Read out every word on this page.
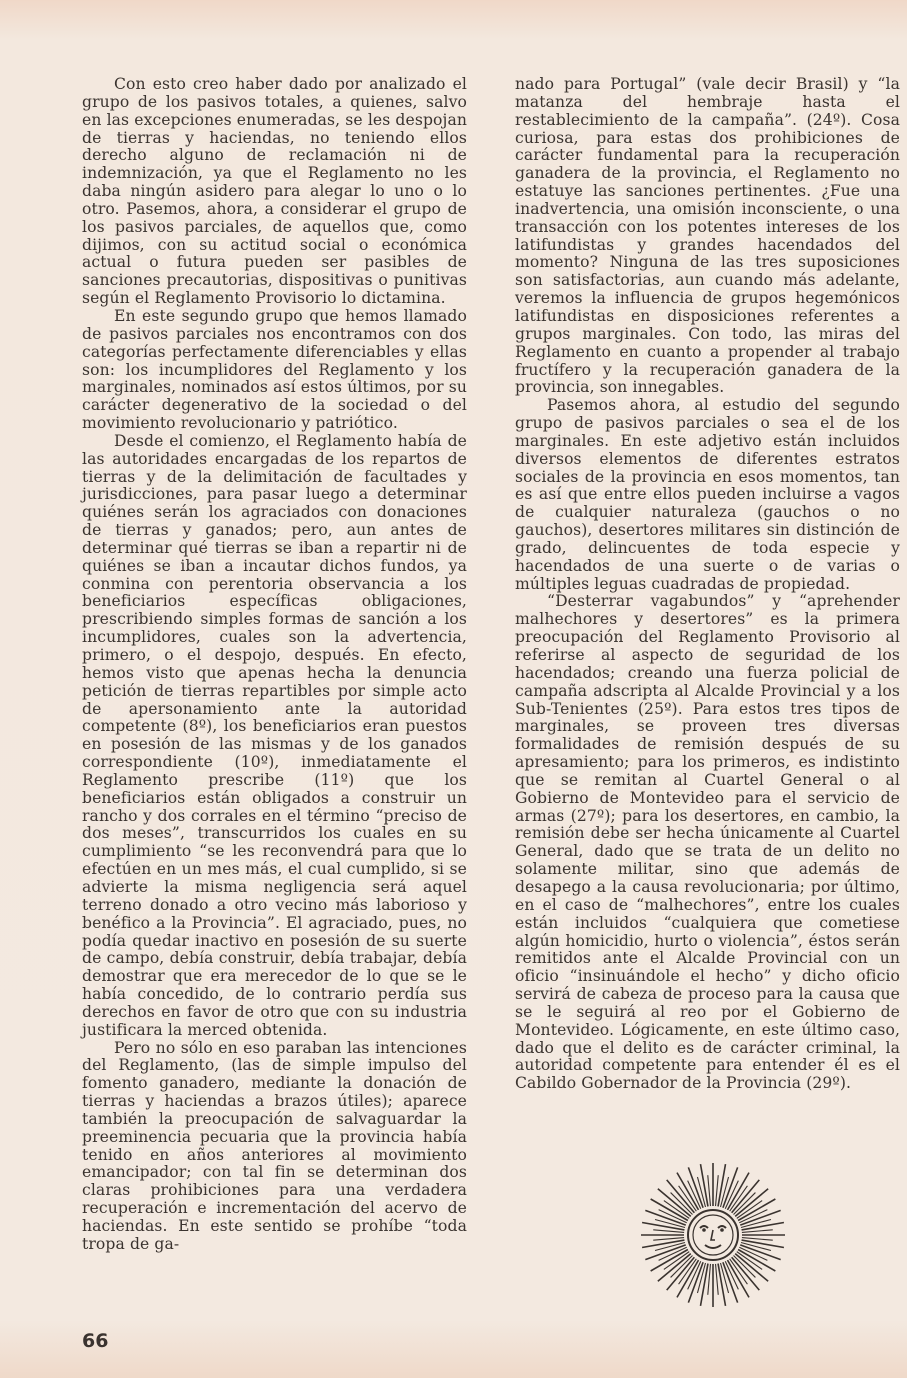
Con esto creo haber dado por analizado el grupo de los pasivos totales, a quienes, salvo en las excepciones enumeradas, se les despojan de tierras y haciendas, no teniendo ellos derecho alguno de reclamación ni de indemnización, ya que el Reglamento no les daba ningún asidero para alegar lo uno o lo otro. Pasemos, ahora, a considerar el grupo de los pasivos parciales, de aquellos que, como dijimos, con su actitud social o económica actual o futura pueden ser pasibles de sanciones precautorias, dispositivas o punitivas según el Reglamento Provisorio lo dictamina.

En este segundo grupo que hemos llamado de pasivos parciales nos encontramos con dos categorías perfectamente diferenciables y ellas son: los incumplidores del Reglamento y los marginales, nominados así estos últimos, por su carácter degenerativo de la sociedad o del movimiento revolucionario y patriótico.

Desde el comienzo, el Reglamento había de las autoridades encargadas de los repartos de tierras y de la delimitación de facultades y jurisdicciones, para pasar luego a determinar quiénes serán los agraciados con donaciones de tierras y ganados; pero, aun antes de determinar qué tierras se iban a repartir ni de quiénes se iban a incautar dichos fundos, ya conmina con perentoria observancia a los beneficiarios específicas obligaciones, prescribiendo simples formas de sanción a los incumplidores, cuales son la advertencia, primero, o el despojo, después. En efecto, hemos visto que apenas hecha la denuncia petición de tierras repartibles por simple acto de apersonamiento ante la autoridad competente (8º), los beneficiarios eran puestos en posesión de las mismas y de los ganados correspondiente (10º), inmediatamente el Reglamento prescribe (11º) que los beneficiarios están obligados a construir un rancho y dos corrales en el término “preciso de dos meses”, transcurridos los cuales en su cumplimiento “se les reconvendrá para que lo efectúen en un mes más, el cual cumplido, si se advierte la misma negligencia será aquel terreno donado a otro vecino más laborioso y benéfico a la Provincia”. El agraciado, pues, no podía quedar inactivo en posesión de su suerte de campo, debía construir, debía trabajar, debía demostrar que era merecedor de lo que se le había concedido, de lo contrario perdía sus derechos en favor de otro que con su industria justificara la merced obtenida.

Pero no sólo en eso paraban las intenciones del Reglamento, (las de simple impulso del fomento ganadero, mediante la donación de tierras y haciendas a brazos útiles); aparece también la preocupación de salvaguardar la preeminencia pecuaria que la provincia había tenido en años anteriores al movimiento emancipador; con tal fin se determinan dos claras prohibiciones para una verdadera recuperación e incrementación del acervo de haciendas. En este sentido se prohíbe “toda tropa de ga-

nado para Portugal” (vale decir Brasil) y “la matanza del hembraje hasta el restablecimiento de la campaña”. (24º). Cosa curiosa, para estas dos prohibiciones de carácter fundamental para la recuperación ganadera de la provincia, el Reglamento no estatuye las sanciones pertinentes. ¿Fue una inadvertencia, una omisión inconsciente, o una transacción con los potentes intereses de los latifundistas y grandes hacendados del momento? Ninguna de las tres suposiciones son satisfactorias, aun cuando más adelante, veremos la influencia de grupos hegemónicos latifundistas en disposiciones referentes a grupos marginales. Con todo, las miras del Reglamento en cuanto a propender al trabajo fructífero y la recuperación ganadera de la provincia, son innegables.

Pasemos ahora, al estudio del segundo grupo de pasivos parciales o sea el de los marginales. En este adjetivo están incluidos diversos elementos de diferentes estratos sociales de la provincia en esos momentos, tan es así que entre ellos pueden incluirse a vagos de cualquier naturaleza (gauchos o no gauchos), desertores militares sin distinción de grado, delincuentes de toda especie y hacendados de una suerte o de varias o múltiples leguas cuadradas de propiedad.

“Desterrar vagabundos” y “aprehender malhechores y desertores” es la primera preocupación del Reglamento Provisorio al referirse al aspecto de seguridad de los hacendados; creando una fuerza policial de campaña adscripta al Alcalde Provincial y a los Sub-Tenientes (25º). Para estos tres tipos de marginales, se proveen tres diversas formalidades de remisión después de su apresamiento; para los primeros, es indistinto que se remitan al Cuartel General o al Gobierno de Montevideo para el servicio de armas (27º); para los desertores, en cambio, la remisión debe ser hecha únicamente al Cuartel General, dado que se trata de un delito no solamente militar, sino que además de desapego a la causa revolucionaria; por último, en el caso de “malhechores”, entre los cuales están incluidos “cualquiera que cometiese algún homicidio, hurto o violencia”, éstos serán remitidos ante el Alcalde Provincial con un oficio “insinuándole el hecho” y dicho oficio servirá de cabeza de proceso para la causa que se le seguirá al reo por el Gobierno de Montevideo. Lógicamente, en este último caso, dado que el delito es de carácter criminal, la autoridad competente para entender él es el Cabildo Gobernador de la Provincia (29º).

66
